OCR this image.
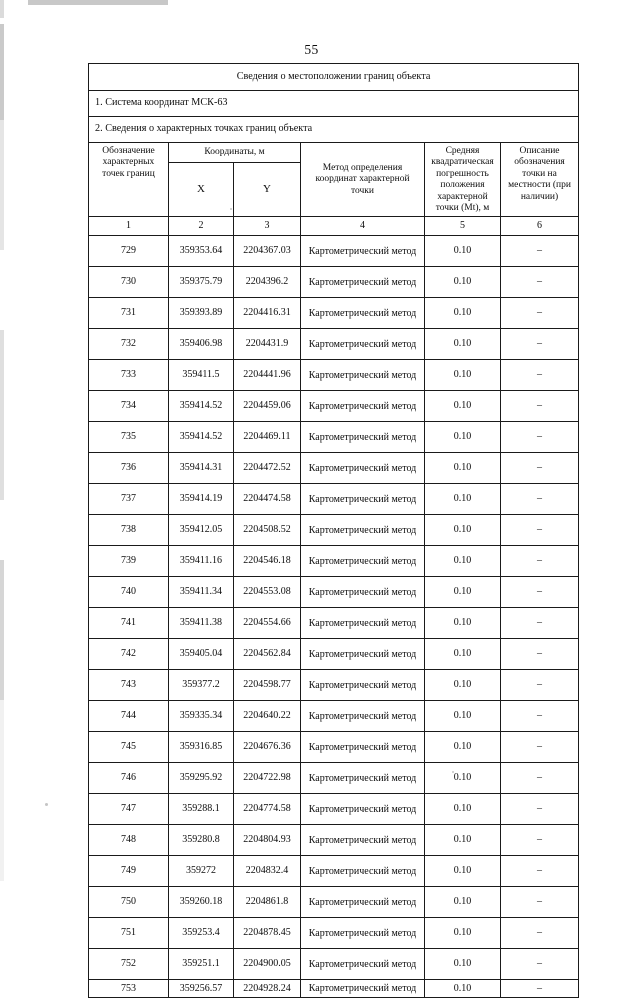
55
Сведения о местоположении границ объекта					
1. Система координат МСК-63					
2. Сведения о характерных точках границ объекта					
Обозначение характерных точек границ	Координаты, м		Метод определения координат характерной точки	Средняя квадратическая погрешность положения характерной точки (Mt), м	Описание обозначения точки на местности (при наличии)
	X	Y			
1	2	3	4	5	6
729	359353.64	2204367.03	Картометрический метод	0.10	–
730	359375.79	2204396.2	Картометрический метод	0.10	–
731	359393.89	2204416.31	Картометрический метод	0.10	–
732	359406.98	2204431.9	Картометрический метод	0.10	–
733	359411.5	2204441.96	Картометрический метод	0.10	–
734	359414.52	2204459.06	Картометрический метод	0.10	–
735	359414.52	2204469.11	Картометрический метод	0.10	–
736	359414.31	2204472.52	Картометрический метод	0.10	–
737	359414.19	2204474.58	Картометрический метод	0.10	–
738	359412.05	2204508.52	Картометрический метод	0.10	–
739	359411.16	2204546.18	Картометрический метод	0.10	–
740	359411.34	2204553.08	Картометрический метод	0.10	–
741	359411.38	2204554.66	Картометрический метод	0.10	–
742	359405.04	2204562.84	Картометрический метод	0.10	–
743	359377.2	2204598.77	Картометрический метод	0.10	–
744	359335.34	2204640.22	Картометрический метод	0.10	–
745	359316.85	2204676.36	Картометрический метод	0.10	–
746	359295.92	2204722.98	Картометрический метод	0.10	–
747	359288.1	2204774.58	Картометрический метод	0.10	–
748	359280.8	2204804.93	Картометрический метод	0.10	–
749	359272	2204832.4	Картометрический метод	0.10	–
750	359260.18	2204861.8	Картометрический метод	0.10	–
751	359253.4	2204878.45	Картометрический метод	0.10	–
752	359251.1	2204900.05	Картометрический метод	0.10	–
753	359256.57	2204928.24	Картометрический метод	0.10	–
